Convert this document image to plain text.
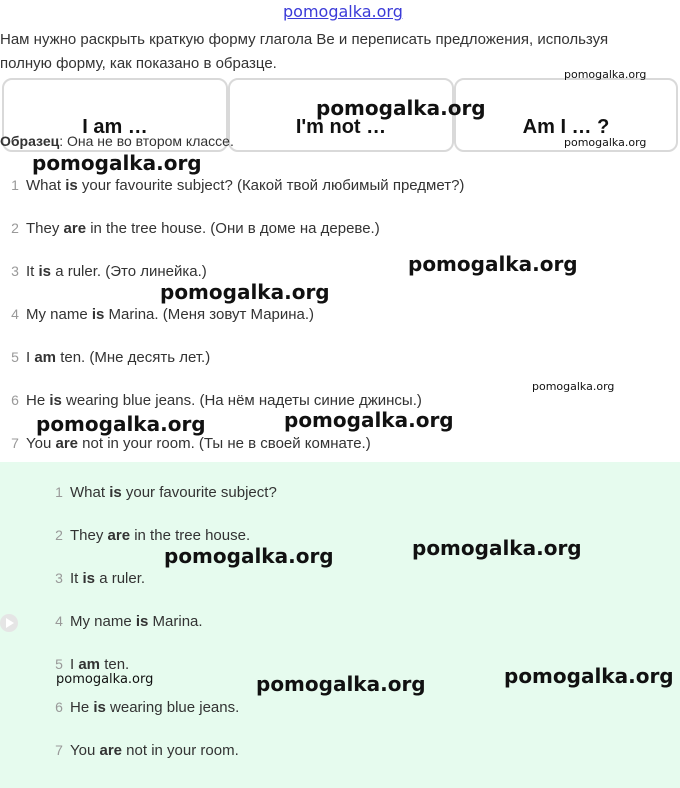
Нам нужно раскрыть краткую форму глагола Be и переписать предложения, используя
полную форму, как показано в образце.
I am …	I'm not …	Am I … ?
Образец: Она не во втором классе.
1 What is your favourite subject? (Какой твой любимый предмет?)
2 They are in the tree house. (Они в доме на дереве.)
3 It is a ruler. (Это линейка.)
4 My name is Marina. (Меня зовут Марина.)
5 I am ten. (Мне десять лет.)
6 He is wearing blue jeans. (На нём надеты синие джинсы.)
7 You are not in your room. (Ты не в своей комнате.)
1 What is your favourite subject?
2 They are in the tree house.
3 It is a ruler.
4 My name is Marina.
5 I am ten.
6 He is wearing blue jeans.
7 You are not in your room.
pomogalka.org
pomogalka.org
pomogalka.org
pomogalka.org
pomogalka.org
pomogalka.org
pomogalka.org
pomogalka.org
pomogalka.org	pomogalka.org
pomogalka.org
pomogalka.org
pomogalka.org
pomogalka.org	pomogalka.org
